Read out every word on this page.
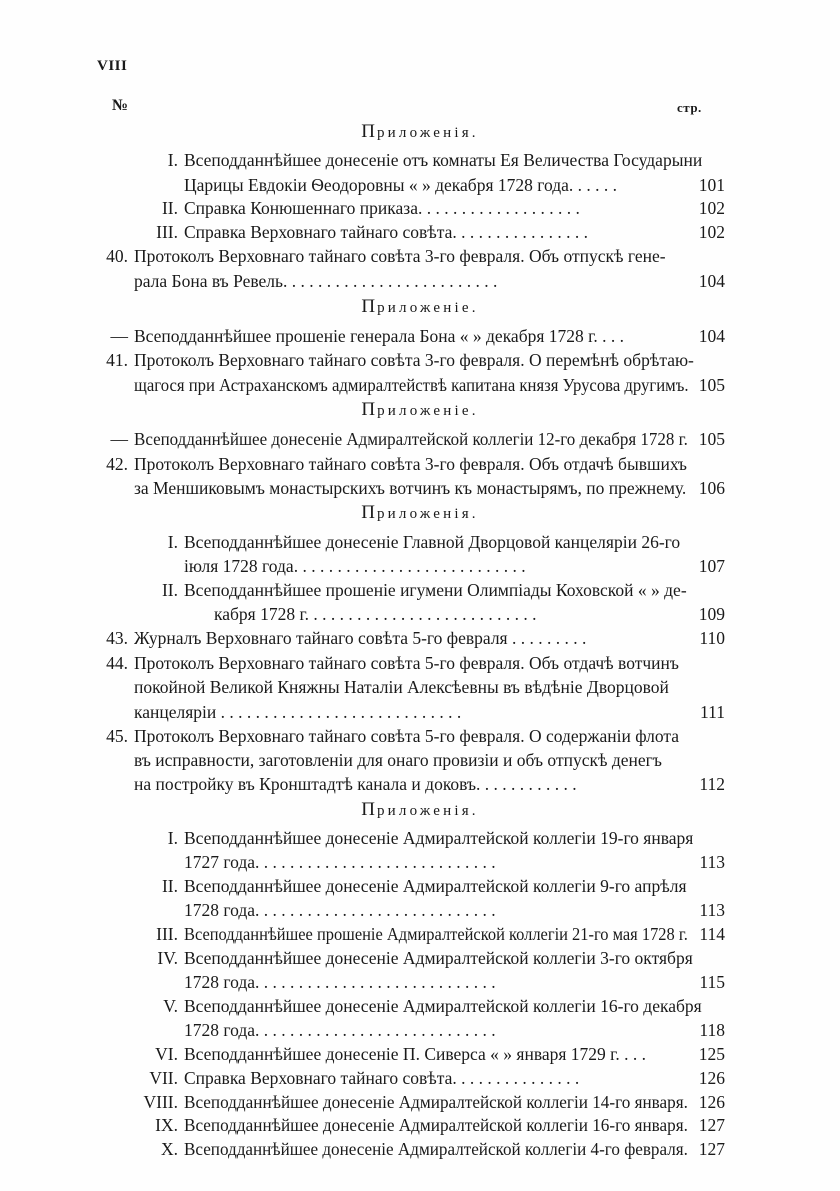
VIII
№	стр.
Приложенія.
I. Всеподданнѣйшее донесеніе отъ комнаты Ея Величества Государыни
Царицы Евдокіи Ѳеодоровны « » декабря 1728 года. . . . . .	101
II. Справка Конюшеннаго приказа. . . . . . . . . . . . . . . . . . .	102
III. Справка Верховнаго тайнаго совѣта. . . . . . . . . . . . . . . .	102
40. Протоколъ Верховнаго тайнаго совѣта 3-го февраля. Объ отпускѣ гене-
рала Бона въ Ревель. . . . . . . . . . . . . . . . . . . . . . . . .	104
Приложеніе.
— Всеподданнѣйшее прошеніе генерала Бона « » декабря 1728 г. . . .	104
41. Протоколъ Верховнаго тайнаго совѣта 3-го февраля. О перемѣнѣ обрѣтаю-
щагося при Астраханскомъ адмиралтействѣ капитана князя Урусова другимъ. 105
Приложеніе.
— Всеподданнѣйшее донесеніе Адмиралтейской коллегіи 12-го декабря 1728 г. 105
42. Протоколъ Верховнаго тайнаго совѣта 3-го февраля. Объ отдачѣ бывшихъ
за Меншиковымъ монастырскихъ вотчинъ къ монастырямъ, по прежнему. 106
Приложенія.
I. Всеподданнѣйшее донесеніе Главной Дворцовой канцеляріи 26-го
іюля 1728 года. . . . . . . . . . . . . . . . . . . . . . . . . . .	107
II. Всеподданнѣйшее прошеніе игумени Олимпіады Коховской « » де-
кабря 1728 г. . . . . . . . . . . . . . . . . . . . . . . . . . .	109
43. Журналъ Верховнаго тайнаго совѣта 5-го февраля . . . . . . . . .	110
44. Протоколъ Верховнаго тайнаго совѣта 5-го февраля. Объ отдачѣ вотчинъ
покойной Великой Княжны Наталіи Алексѣевны въ вѣдѣніе Дворцовой
канцеляріи . . . . . . . . . . . . . . . . . . . . . . . . . . . .	111
45. Протоколъ Верховнаго тайнаго совѣта 5-го февраля. О содержаніи флота
въ исправности, заготовленіи для онаго провизіи и объ отпускѣ денегъ
на постройку въ Кронштадтѣ канала и доковъ. . . . . . . . . . . .	112
Приложенія.
I. Всеподданнѣйшее донесеніе Адмиралтейской коллегіи 19-го января
1727 года. . . . . . . . . . . . . . . . . . . . . . . . . . . .	113
II. Всеподданнѣйшее донесеніе Адмиралтейской коллегіи 9-го апрѣля
1728 года. . . . . . . . . . . . . . . . . . . . . . . . . . . .	113
III. Всеподданнѣйшее прошеніе Адмиралтейской коллегіи 21-го мая 1728 г. 114
IV. Всеподданнѣйшее донесеніе Адмиралтейской коллегіи 3-го октября
1728 года. . . . . . . . . . . . . . . . . . . . . . . . . . . .	115
V. Всеподданнѣйшее донесеніе Адмиралтейской коллегіи 16-го декабря
1728 года. . . . . . . . . . . . . . . . . . . . . . . . . . . .	118
VI. Всеподданнѣйшее донесеніе П. Сиверса « » января 1729 г. . . .	125
VII. Справка Верховнаго тайнаго совѣта. . . . . . . . . . . . . . .	126
VIII. Всеподданнѣйшее донесеніе Адмиралтейской коллегіи 14-го января. 126
IX. Всеподданнѣйшее донесеніе Адмиралтейской коллегіи 16-го января. 127
X. Всеподданнѣйшее донесеніе Адмиралтейской коллегіи 4-го февраля. 127
